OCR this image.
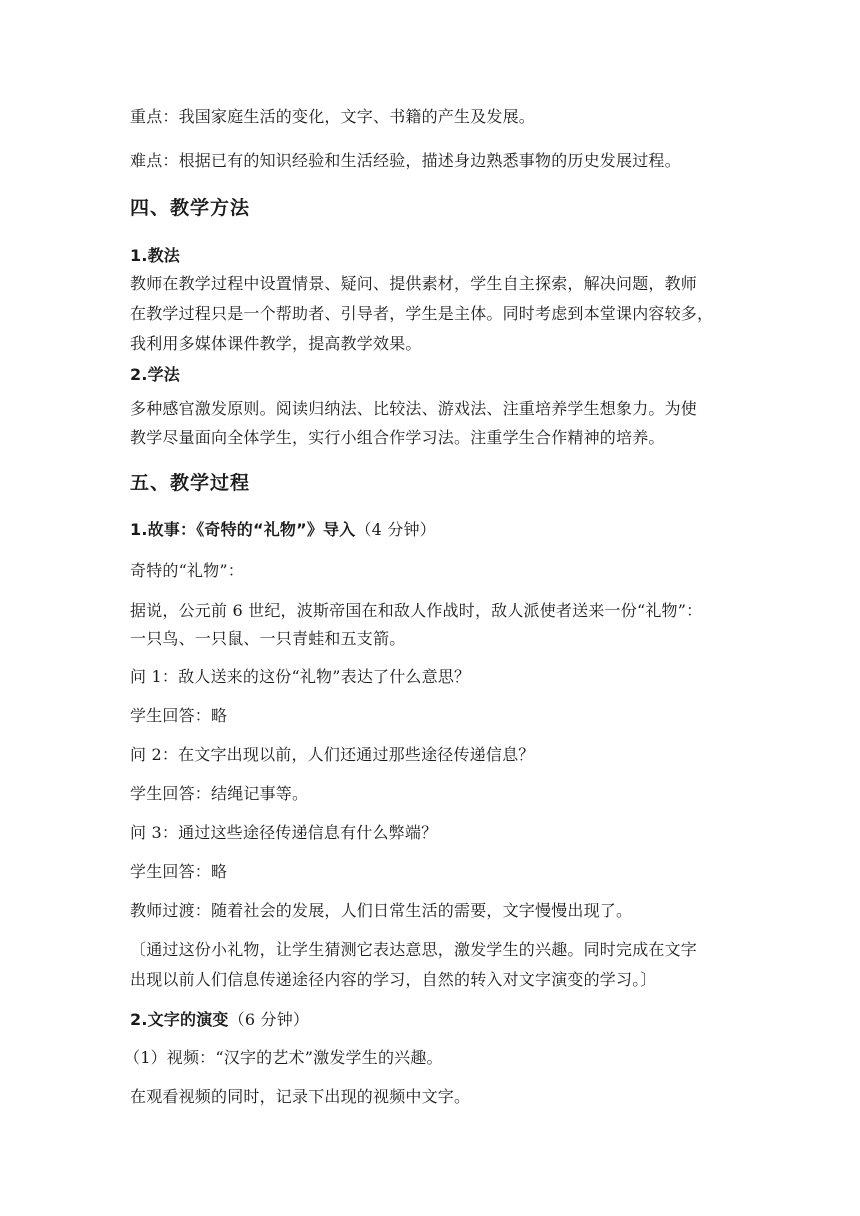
重点：我国家庭生活的变化，文字、书籍的产生及发展。
难点：根据已有的知识经验和生活经验，描述身边熟悉事物的历史发展过程。
四、教学方法
1.教法
教师在教学过程中设置情景、疑问、提供素材，学生自主探索，解决问题，教师
在教学过程只是一个帮助者、引导者，学生是主体。同时考虑到本堂课内容较多，
我利用多媒体课件教学，提高教学效果。
2.学法
多种感官激发原则。阅读归纳法、比较法、游戏法、注重培养学生想象力。为使
教学尽量面向全体学生，实行小组合作学习法。注重学生合作精神的培养。
五、教学过程
1.故事：《奇特的“礼物”》导入（4 分钟）
奇特的“礼物”：
据说，公元前 6 世纪，波斯帝国在和敌人作战时，敌人派使者送来一份“礼物”：
一只鸟、一只鼠、一只青蛙和五支箭。
问 1：敌人送来的这份“礼物”表达了什么意思？
学生回答：略
问 2：在文字出现以前，人们还通过那些途径传递信息？
学生回答：结绳记事等。
问 3：通过这些途径传递信息有什么弊端？
学生回答：略
教师过渡：随着社会的发展，人们日常生活的需要，文字慢慢出现了。
〔通过这份小礼物，让学生猜测它表达意思，激发学生的兴趣。同时完成在文字
出现以前人们信息传递途径内容的学习，自然的转入对文字演变的学习。〕
2.文字的演变（6 分钟）
（1）视频：“汉字的艺术”激发学生的兴趣。
在观看视频的同时，记录下出现的视频中文字。
